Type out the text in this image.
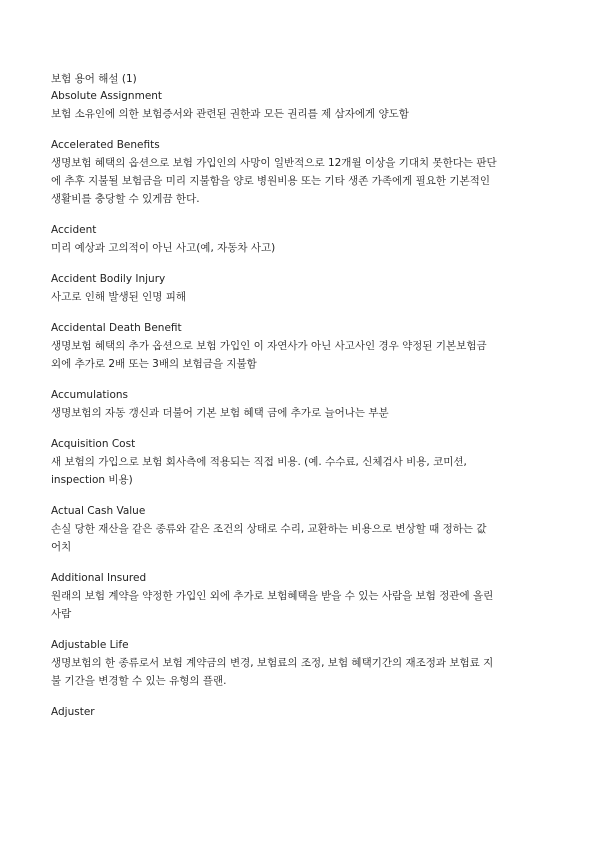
보험 용어 해설 (1)

Absolute Assignment

보험 소유인에 의한 보험증서와 관련된 권한과 모든 권리를 제 삼자에게 양도함

Accelerated Benefits

생명보험 혜택의 옵션으로 보험 가입인의 사망이 일반적으로 12개월 이상을 기대치 못한다는 판단
에 추후 지불될 보험금을 미리 지불함을 양로 병원비용 또는 기타 생존 가족에게 필요한 기본적인
생활비를 충당할 수 있게끔 한다.

Accident

미리 예상과 고의적이 아닌 사고(예, 자동차 사고)

Accident Bodily Injury

사고로 인해 발생된 인명 피해

Accidental Death Benefit

생명보험 혜택의 추가 옵션으로 보험 가입인 이 자연사가 아닌 사고사인 경우 약정된 기본보험금
외에 추가로 2배 또는 3배의 보험금을 지불함

Accumulations

생명보험의 자동 갱신과 더불어 기본 보험 혜택 금에 추가로 늘어나는 부분

Acquisition Cost

새 보험의 가입으로 보험 회사측에 적용되는 직접 비용. (예. 수수료, 신체검사 비용, 코미션,
inspection 비용)

Actual Cash Value

손실 당한 재산을 같은 종류와 같은 조건의 상태로 수리, 교환하는 비용으로 변상할 때 정하는 값
어치

Additional Insured

원래의 보험 계약을 약정한 가입인 외에 추가로 보험혜택을 받을 수 있는 사람을 보험 정관에 올린
사람

Adjustable Life

생명보험의 한 종류로서 보험 계약금의 변경, 보험료의 조정, 보험 혜택기간의 재조정과 보험료 지
불 기간을 변경할 수 있는 유형의 플랜.

Adjuster
